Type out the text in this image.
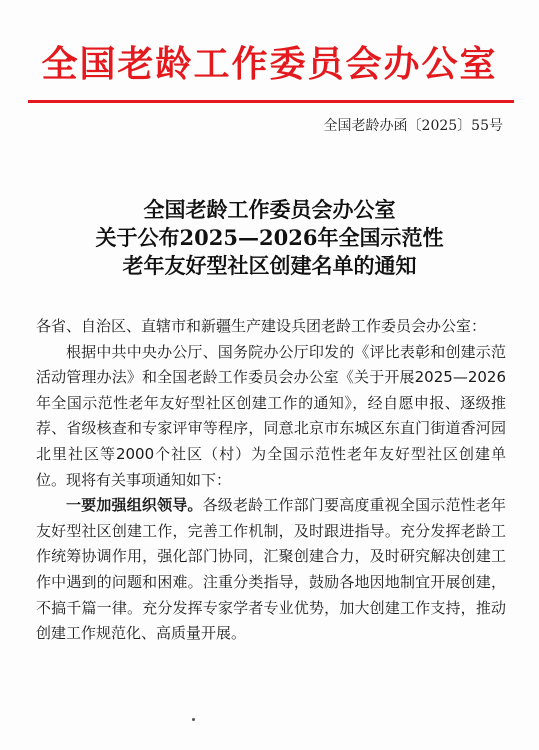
全国老龄工作委员会办公室
全国老龄办函〔2025〕55号
全国老龄工作委员会办公室
关于公布2025—2026年全国示范性
老年友好型社区创建名单的通知

各省、自治区、直辖市和新疆生产建设兵团老龄工作委员会办公室：

根据中共中央办公厅、国务院办公厅印发的《评比表彰和创建示范活动管理办法》和全国老龄工作委员会办公室《关于开展2025—2026年全国示范性老年友好型社区创建工作的通知》，经自愿申报、逐级推荐、省级核查和专家评审等程序，同意北京市东城区东直门街道香河园北里社区等2000个社区（村）为全国示范性老年友好型社区创建单位。现将有关事项通知如下：

一要加强组织领导。各级老龄工作部门要高度重视全国示范性老年友好型社区创建工作，完善工作机制，及时跟进指导。充分发挥老龄工作统筹协调作用，强化部门协同，汇聚创建合力，及时研究解决创建工作中遇到的问题和困难。注重分类指导，鼓励各地因地制宜开展创建，不搞千篇一律。充分发挥专家学者专业优势，加大创建工作支持，推动创建工作规范化、高质量开展。
